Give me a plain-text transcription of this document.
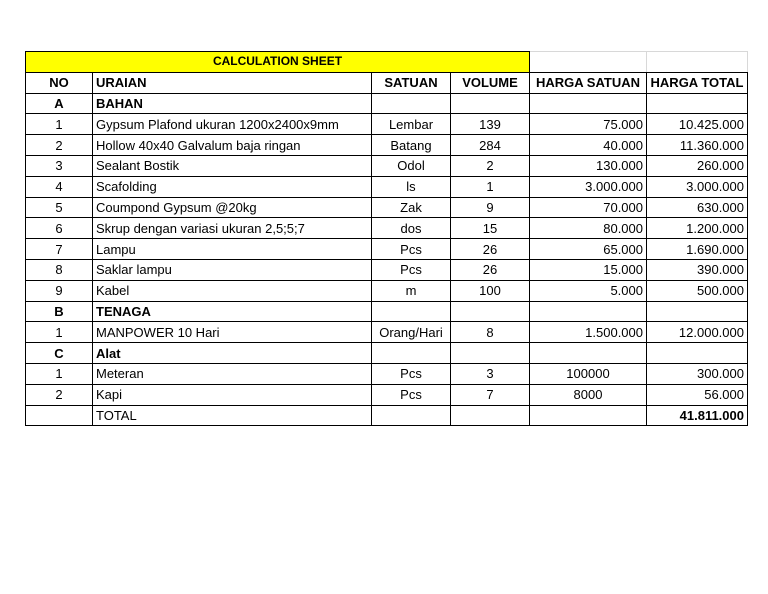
CALCULATION SHEET					
NO	URAIAN	SATUAN	VOLUME	HARGA SATUAN	HARGA TOTAL
A	BAHAN				
1	Gypsum Plafond ukuran 1200x2400x9mm	Lembar	139	75.000	10.425.000
2	Hollow 40x40 Galvalum baja ringan	Batang	284	40.000	11.360.000
3	Sealant Bostik	Odol	2	130.000	260.000
4	Scafolding	ls	1	3.000.000	3.000.000
5	Coumpond Gypsum @20kg	Zak	9	70.000	630.000
6	Skrup dengan variasi ukuran 2,5;5;7	dos	15	80.000	1.200.000
7	Lampu	Pcs	26	65.000	1.690.000
8	Saklar lampu	Pcs	26	15.000	390.000
9	Kabel	m	100	5.000	500.000
B	TENAGA				
1	MANPOWER 10 Hari	Orang/Hari	8	1.500.000	12.000.000
C	Alat				
1	Meteran	Pcs	3	100000	300.000
2	Kapi	Pcs	7	8000	56.000
	TOTAL				41.811.000
